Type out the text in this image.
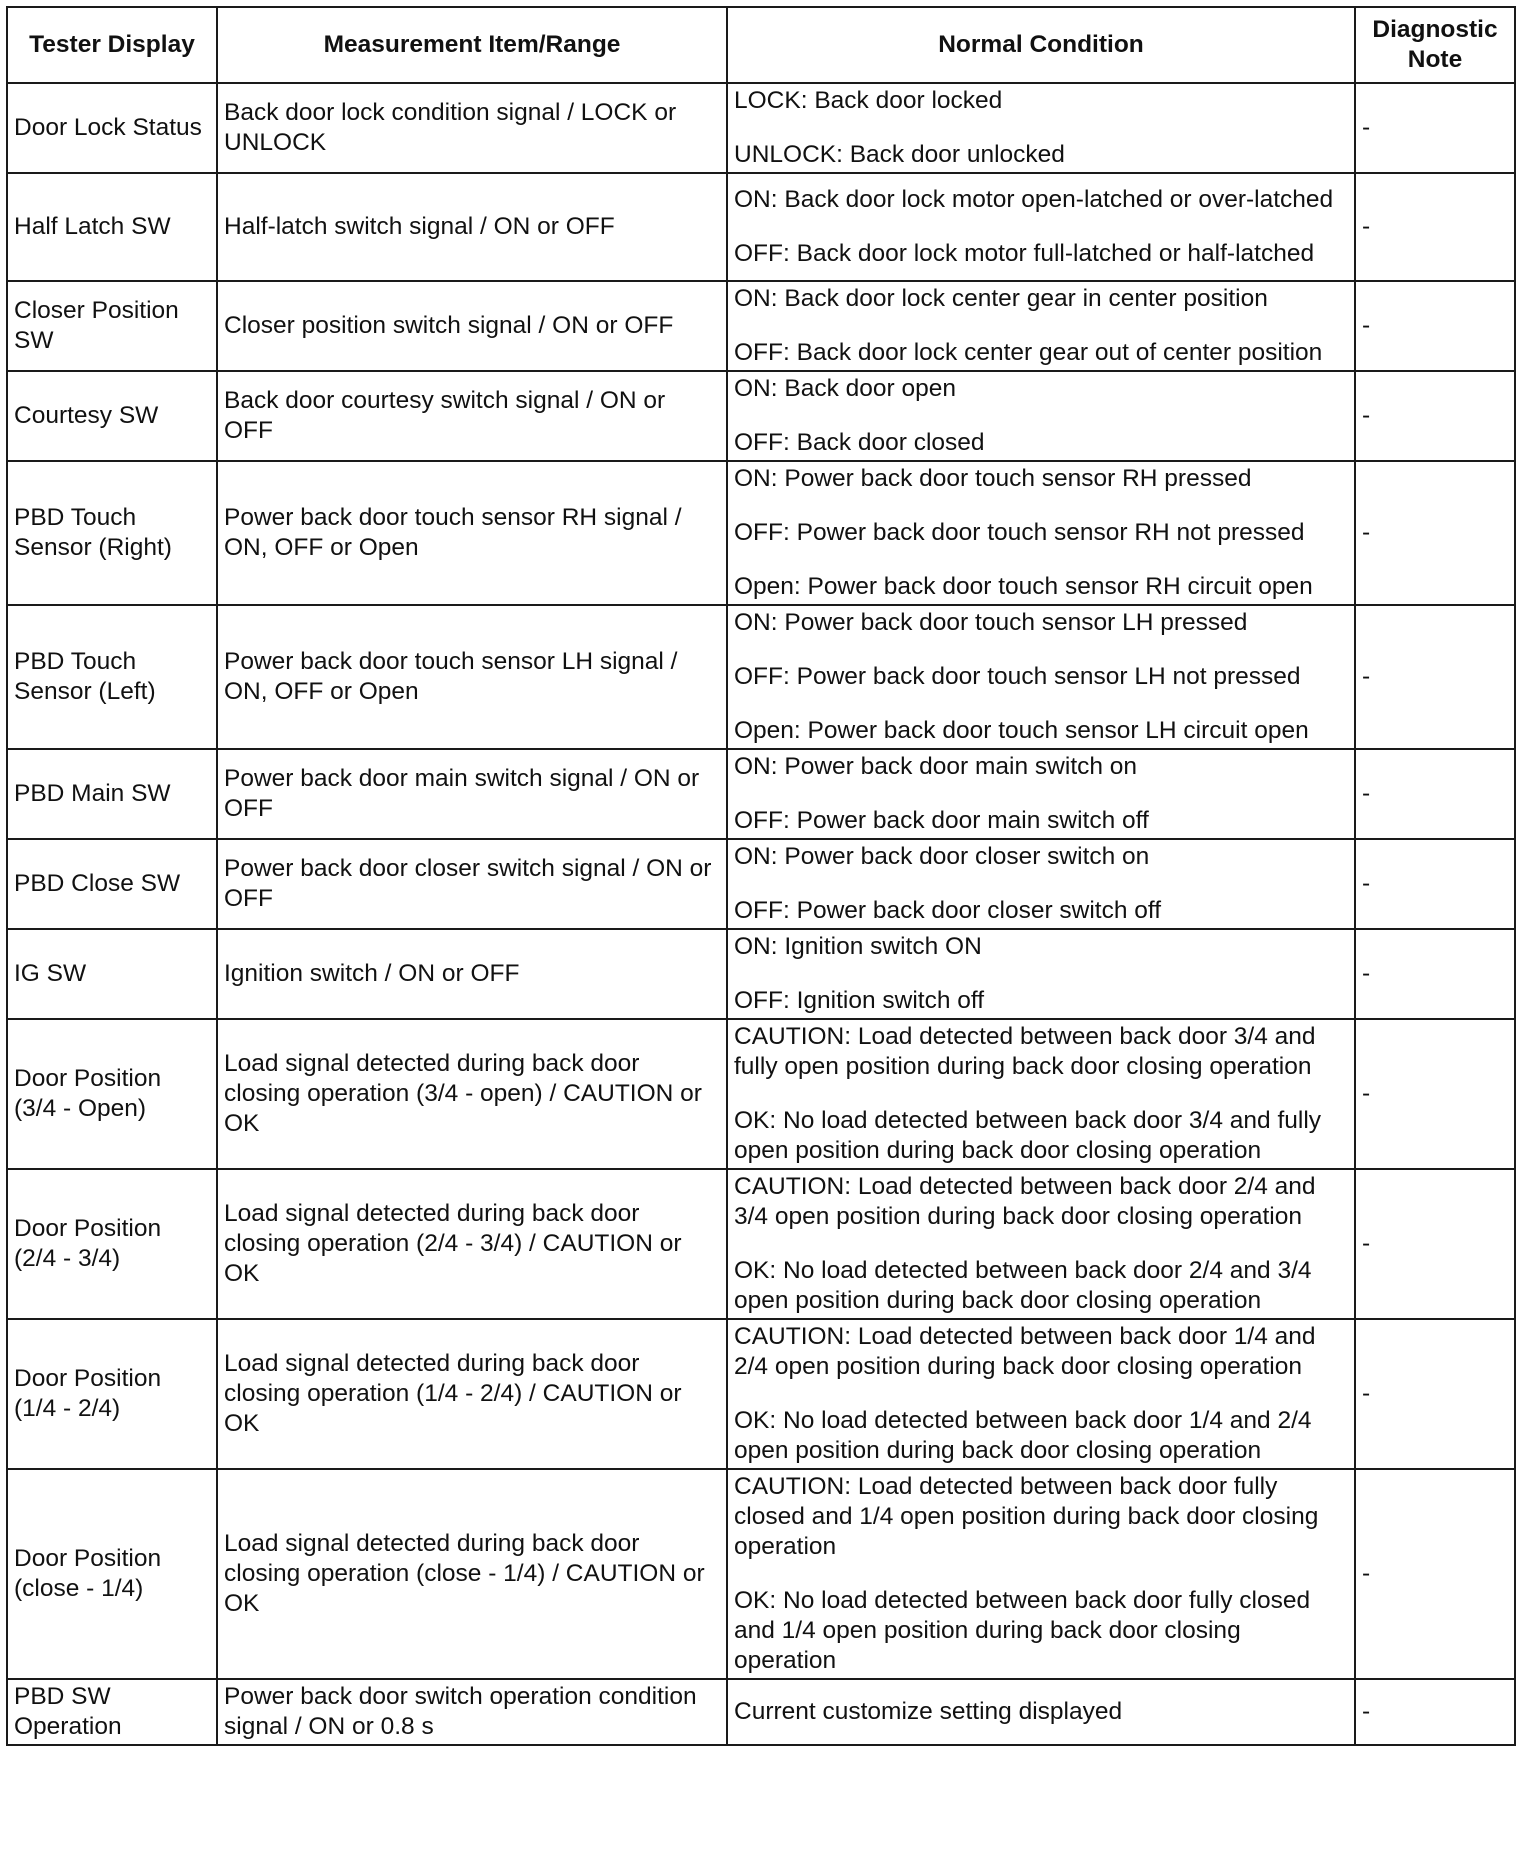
Tester Display	Measurement Item/Range	Normal Condition	Diagnostic Note
Door Lock Status	Back door lock condition signal / LOCK or UNLOCK	LOCK: Back door locked

UNLOCK: Back door unlocked	-
Half Latch SW	Half-latch switch signal / ON or OFF	ON: Back door lock motor open-latched or over-latched

OFF: Back door lock motor full-latched or half-latched	-
Closer Position SW	Closer position switch signal / ON or OFF	ON: Back door lock center gear in center position

OFF: Back door lock center gear out of center position	-
Courtesy SW	Back door courtesy switch signal / ON or OFF	ON: Back door open

OFF: Back door closed	-
PBD Touch Sensor (Right)	Power back door touch sensor RH signal / ON, OFF or Open	ON: Power back door touch sensor RH pressed

OFF: Power back door touch sensor RH not pressed

Open: Power back door touch sensor RH circuit open	-
PBD Touch Sensor (Left)	Power back door touch sensor LH signal / ON, OFF or Open	ON: Power back door touch sensor LH pressed

OFF: Power back door touch sensor LH not pressed

Open: Power back door touch sensor LH circuit open	-
PBD Main SW	Power back door main switch signal / ON or OFF	ON: Power back door main switch on

OFF: Power back door main switch off	-
PBD Close SW	Power back door closer switch signal / ON or OFF	ON: Power back door closer switch on

OFF: Power back door closer switch off	-
IG SW	Ignition switch / ON or OFF	ON: Ignition switch ON

OFF: Ignition switch off	-
Door Position (3/4 - Open)	Load signal detected during back door closing operation (3/4 - open) / CAUTION or OK	CAUTION: Load detected between back door 3/4 and fully open position during back door closing operation

OK: No load detected between back door 3/4 and fully open position during back door closing operation	-
Door Position (2/4 - 3/4)	Load signal detected during back door closing operation (2/4 - 3/4) / CAUTION or OK	CAUTION: Load detected between back door 2/4 and 3/4 open position during back door closing operation

OK: No load detected between back door 2/4 and 3/4 open position during back door closing operation	-
Door Position (1/4 - 2/4)	Load signal detected during back door closing operation (1/4 - 2/4) / CAUTION or OK	CAUTION: Load detected between back door 1/4 and 2/4 open position during back door closing operation

OK: No load detected between back door 1/4 and 2/4 open position during back door closing operation	-
Door Position (close - 1/4)	Load signal detected during back door closing operation (close - 1/4) / CAUTION or OK	CAUTION: Load detected between back door fully closed and 1/4 open position during back door closing operation

OK: No load detected between back door fully closed and 1/4 open position during back door closing operation	-
PBD SW Operation	Power back door switch operation condition signal / ON or 0.8 s	Current customize setting displayed	-
